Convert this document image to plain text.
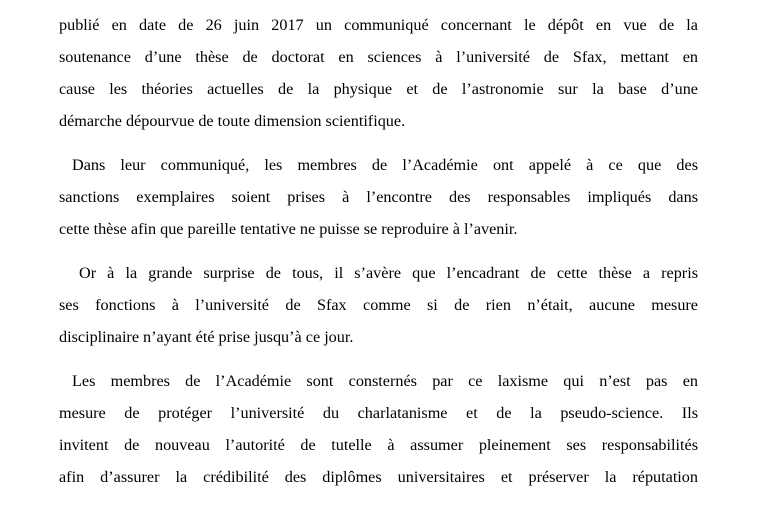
publié en date de 26 juin 2017 un communiqué concernant le dépôt en vue de la
soutenance d’une thèse de doctorat en sciences à l’université de Sfax, mettant en
cause les théories actuelles de la physique et de l’astronomie sur la base d’une
démarche dépourvue de toute dimension scientifique.
Dans leur communiqué, les membres de l’Académie ont appelé à ce que des
sanctions exemplaires soient prises à l’encontre des responsables impliqués dans
cette thèse afin que pareille tentative ne puisse se reproduire à l’avenir.
Or à la grande surprise de tous, il s’avère que l’encadrant de cette thèse a repris
ses fonctions à l’université de Sfax comme si de rien n’était, aucune mesure
disciplinaire n’ayant été prise jusqu’à ce jour.
Les membres de l’Académie sont consternés par ce laxisme qui n’est pas en
mesure de protéger l’université du charlatanisme et de la pseudo-science. Ils
invitent de nouveau l’autorité de tutelle à assumer pleinement ses responsabilités
afin d’assurer la crédibilité des diplômes universitaires et préserver la réputation
